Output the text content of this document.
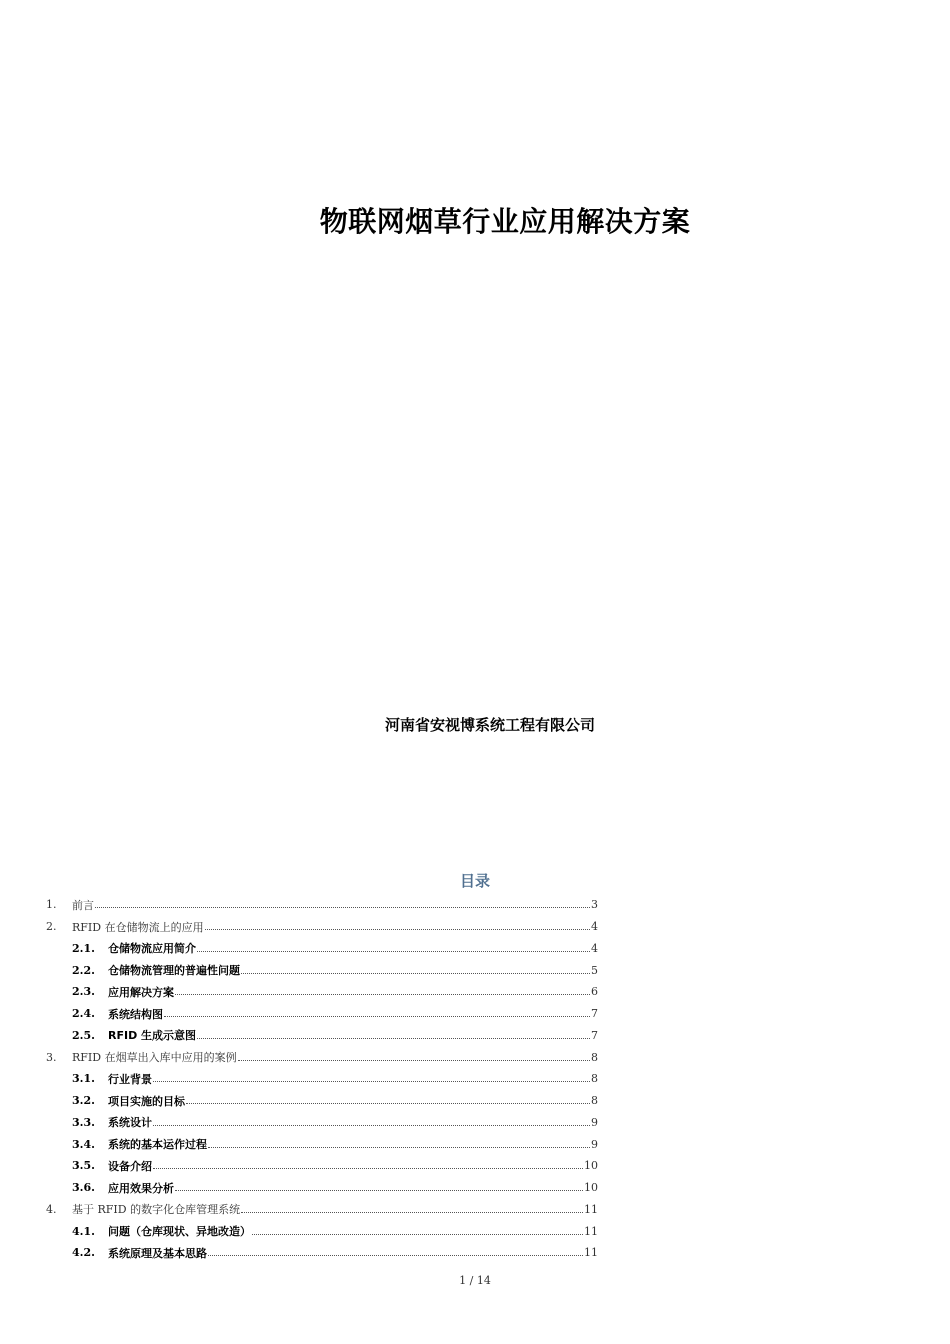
物联网烟草行业应用解决方案
河南省安视博系统工程有限公司
目录
1.	前言	3
2.	RFID 在仓储物流上的应用	4
2.1.	仓储物流应用简介	4
2.2.	仓储物流管理的普遍性问题	5
2.3.	应用解决方案	6
2.4.	系统结构图	7
2.5.	RFID 生成示意图	7
3.	RFID 在烟草出入库中应用的案例	8
3.1.	行业背景	8
3.2.	项目实施的目标	8
3.3.	系统设计	9
3.4.	系统的基本运作过程	9
3.5.	设备介绍	10
3.6.	应用效果分析	10
4.	基于 RFID 的数字化仓库管理系统	11
4.1.	问题（仓库现状、异地改造）	11
4.2.	系统原理及基本思路	11
1 / 14
